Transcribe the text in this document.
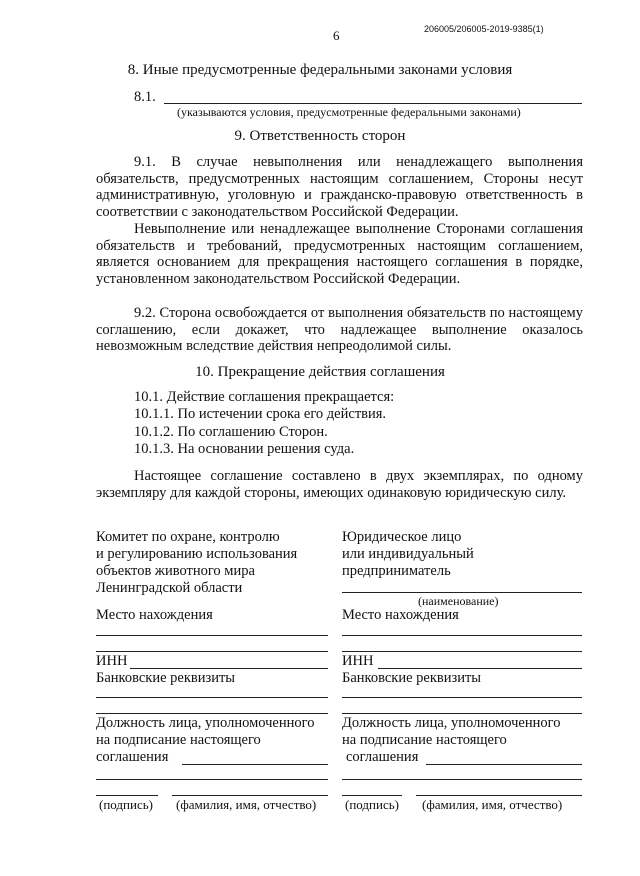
6	206005/206005-2019-9385(1)
8. Иные предусмотренные федеральными законами условия
8.1.
(указываются условия, предусмотренные федеральными законами)
9. Ответственность сторон
9.1. В случае невыполнения или ненадлежащего выполнения обязательств, предусмотренных настоящим соглашением, Стороны несут административную, уголовную и гражданско-правовую ответственность в соответствии с законодательством Российской Федерации.
Невыполнение или ненадлежащее выполнение Сторонами соглашения обязательств и требований, предусмотренных настоящим соглашением, является основанием для прекращения настоящего соглашения в порядке, установленном законодательством Российской Федерации.
9.2. Сторона освобождается от выполнения обязательств по настоящему соглашению, если докажет, что надлежащее выполнение оказалось невозможным вследствие действия непреодолимой силы.
10. Прекращение действия соглашения
10.1. Действие соглашения прекращается:
10.1.1. По истечении срока его действия.
10.1.2. По соглашению Сторон.
10.1.3. На основании решения суда.
Настоящее соглашение составлено в двух экземплярах, по одному экземпляру для каждой стороны, имеющих одинаковую юридическую силу.
Комитет по охране, контролю
и регулированию использования
объектов животного мира
Ленинградской области
Место нахождения
ИНН
Банковские реквизиты
Должность лица, уполномоченного
на подписание настоящего
соглашения
(подпись) (фамилия, имя, отчество)
Юридическое лицо
или индивидуальный
предприниматель
(наименование)
Место нахождения
ИНН
Банковские реквизиты
Должность лица, уполномоченного
на подписание настоящего
соглашения
(подпись) (фамилия, имя, отчество)
